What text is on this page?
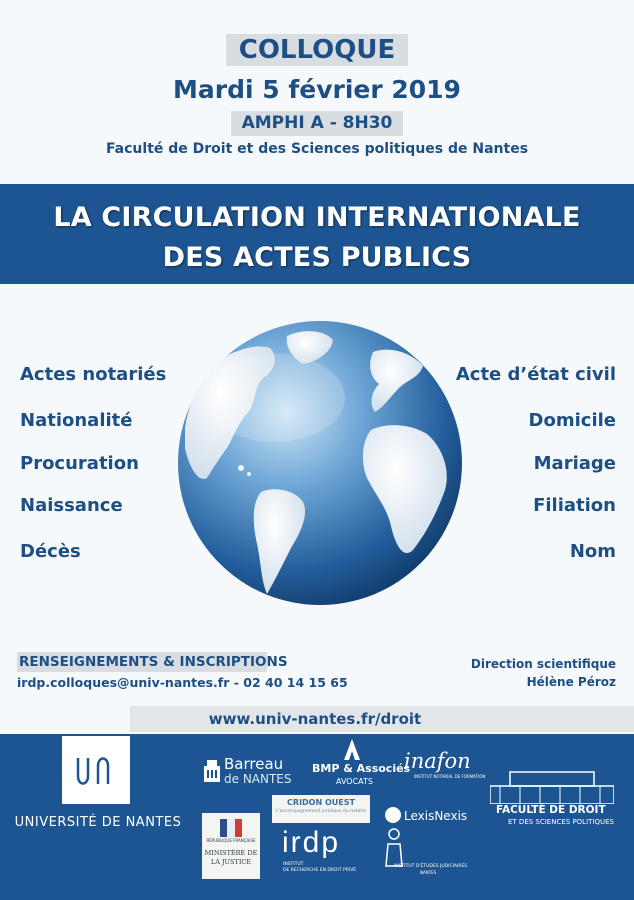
COLLOQUE
Mardi 5 février 2019
AMPHI A - 8H30
Faculté de Droit et des Sciences politiques de Nantes
LA CIRCULATION INTERNATIONALE
DES ACTES PUBLICS
Actes notariés
Nationalité
Procuration
Naissance
Décès
Acte d’état civil
Domicile
Mariage
Filiation
Nom
RENSEIGNEMENTS & INSCRIPTIONS
irdp.colloques@univ-nantes.fr - 02 40 14 15 65
Direction scientifique
Hélène Péroz
www.univ-nantes.fr/droit
UNIVERSITÉ DE NANTES
Barreau
de NANTES
BMP & Associés
AVOCATS
inafon
INSTITUT NOTARIAL DE FORMATION
FACULTÉ DE DROIT
ET DES SCIENCES POLITIQUES
CRIDON OUEST
L'accompagnement juridique du notaire	LexisNexis
RÉPUBLIQUE FRANÇAISE
MINISTÈRE DE
LA JUSTICE
irdp
INSTITUT
DE RECHERCHE EN DROIT PRIVÉ
INSTITUT D'ÉTUDES JUDICIAIRES
NANTES
